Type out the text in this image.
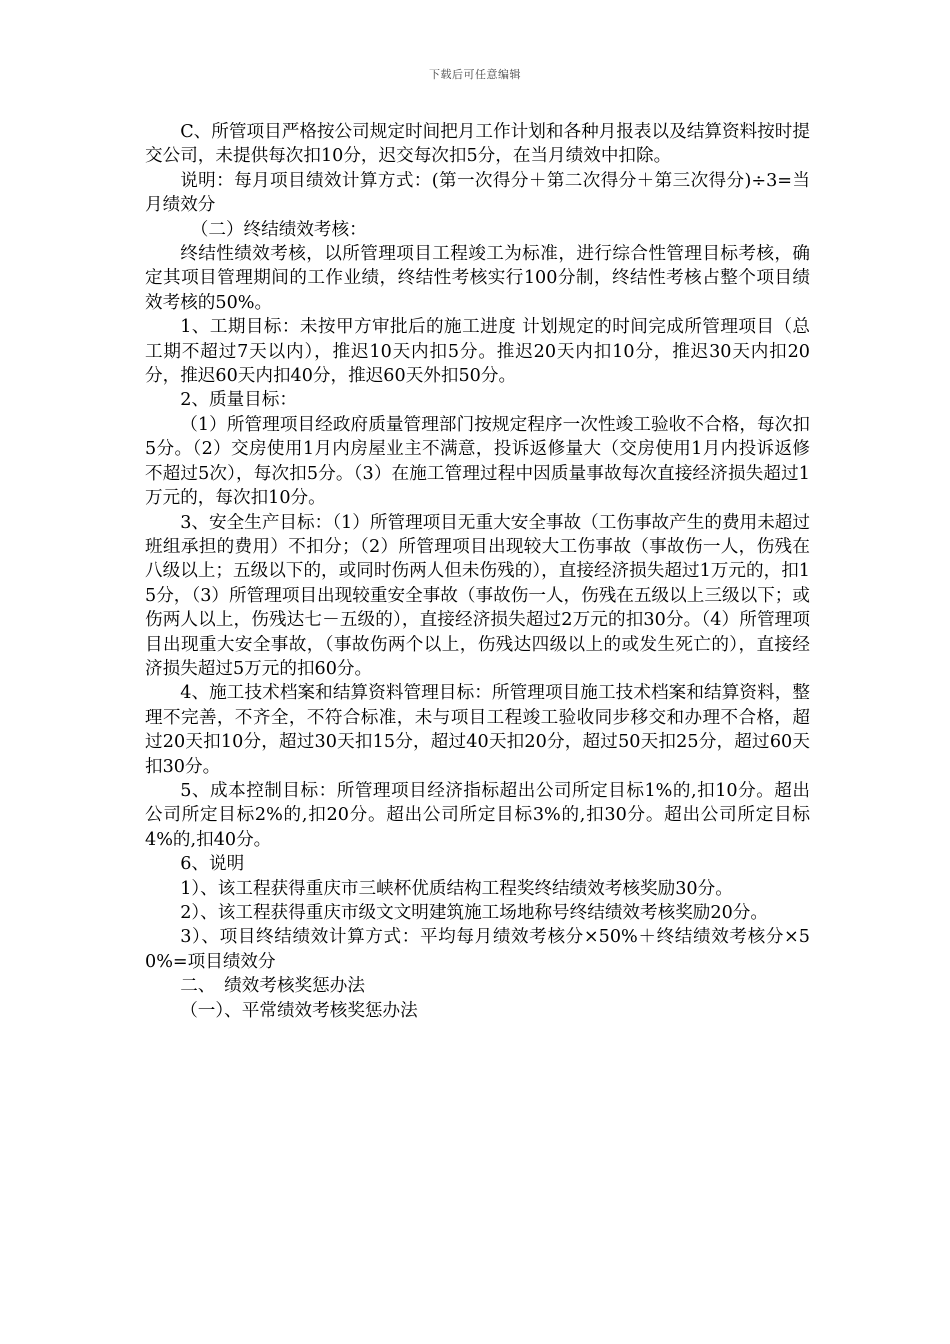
下载后可任意编辑

C、所管项目严格按公司规定时间把月工作计划和各种月报表以及结算资料按时提交公司，未提供每次扣10分，迟交每次扣5分，在当月绩效中扣除。

说明：每月项目绩效计算方式：(第一次得分＋第二次得分＋第三次得分)÷3=当月绩效分

（二）终结绩效考核：

终结性绩效考核，以所管理项目工程竣工为标准，进行综合性管理目标考核，确定其项目管理期间的工作业绩，终结性考核实行100分制，终结性考核占整个项目绩效考核的50%。

1、工期目标：未按甲方审批后的施工进度 计划规定的时间完成所管理项目（总工期不超过7天以内），推迟10天内扣5分。推迟20天内扣10分，推迟30天内扣20分，推迟60天内扣40分，推迟60天外扣50分。

2、质量目标：

（1）所管理项目经政府质量管理部门按规定程序一次性竣工验收不合格，每次扣5分。（2）交房使用1月内房屋业主不满意，投诉返修量大（交房使用1月内投诉返修不超过5次），每次扣5分。（3）在施工管理过程中因质量事故每次直接经济损失超过1万元的，每次扣10分。

3、安全生产目标：（1）所管理项目无重大安全事故（工伤事故产生的费用未超过班组承担的费用）不扣分；（2）所管理项目出现较大工伤事故（事故伤一人，伤残在八级以上；五级以下的，或同时伤两人但未伤残的），直接经济损失超过1万元的，扣15分，（3）所管理项目出现较重安全事故（事故伤一人，伤残在五级以上三级以下；或伤两人以上，伤残达七－五级的），直接经济损失超过2万元的扣30分。（4）所管理项目出现重大安全事故，（事故伤两个以上，伤残达四级以上的或发生死亡的），直接经济损失超过5万元的扣60分。

4、施工技术档案和结算资料管理目标：所管理项目施工技术档案和结算资料，整理不完善，不齐全，不符合标准，未与项目工程竣工验收同步移交和办理不合格，超过20天扣10分，超过30天扣15分，超过40天扣20分，超过50天扣25分，超过60天扣30分。

5、成本控制目标：所管理项目经济指标超出公司所定目标1%的,扣10分。超出公司所定目标2%的,扣20分。超出公司所定目标3%的,扣30分。超出公司所定目标4%的,扣40分。

6、说明

1）、该工程获得重庆市三峡杯优质结构工程奖终结绩效考核奖励30分。

2）、该工程获得重庆市级文文明建筑施工场地称号终结绩效考核奖励20分。

3）、项目终结绩效计算方式：平均每月绩效考核分×50%＋终结绩效考核分×50%=项目绩效分

二、　绩效考核奖惩办法

（一）、平常绩效考核奖惩办法
